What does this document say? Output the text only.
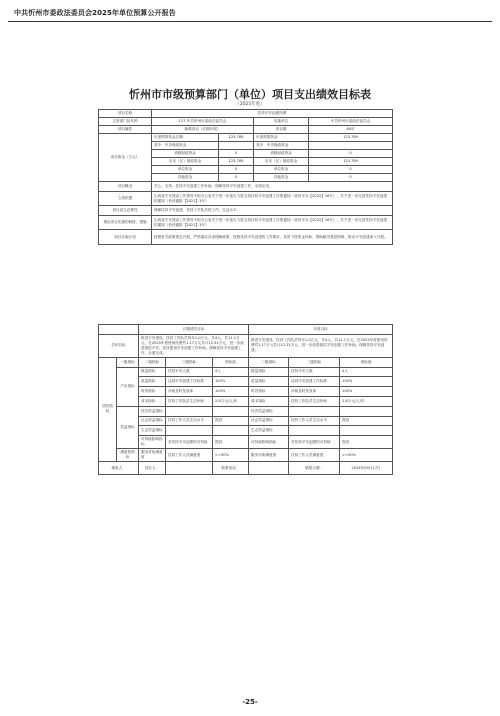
中共忻州市委政法委员会2025年单位预算公开报告
忻州市市级预算部门（单位）项目支出绩效目标表
（2025年度）
项目名称	扶持平安创建经费			
主管部门及代码	127-中共忻州市委政法委员会		实施单位	中共忻州市委政法委员会
项目属性	新增项目（长期开展）		项目期	60年
项目资金（万元）	年度预算资金总额：	123.789	年度预算资金	123.789
	其中：中央财政资金		其中：中央财政资金	
	省级财政资金	0	省级财政资金	0
	市本（区）财政资金	123.789	市本（区）财政资金	123.789
	单位资金	0	单位资金	0
	其他资金	0	其他资金	0
项目概况	关心、支持、扶持平安创建工作补助。保障扶持平安创建工作，全面完成。			
立项依据	山西省平安建设工作领导小组办公室关于进一步加大力度支持扶持平安创建工作的通知（晋综平办【2022】16号），关于进一步完善扶持平安创建的通知（忻综通报【2021】3号）			
项目设立必要性	保障扶持平安创建，扶持工作队员的工作、生活水平。			
保证项目实施的制度、措施	山西省平安建设工作领导小组办公室关于进一步加大力度支持扶持平安创建工作的通知（晋综平办【2022】16号），关于进一步完善扶持平安创建的通知（忻综通报【2021】3号）			
项目实施计划	按照有关政策规定开展，严格落实各项保障政策，按照扶持平安创建的工作要求，及时下拨资金补助，帮助解决基层困难，推动平安创建深入开展。			
		长期绩效目标			年度目标		
总体目标		推进平安建设，扶持工作队员每年1.0万元，共4人，共11.1万元，在2025年度使用经费约1.17万元共计12.31万元，进一步改善基层平安，扶持建设平安创建工作补助。保障扶持平安创建工作，全面完成。			推进平安建设，扶持工作队员每年1.0万元，共4人，共11.1万元，在2025年度使用经费约1.17万元共计12.31万元，进一步改善基层平安创建工作补助。保障扶持平安创建。		
绩效指标	一级指标	二级指标	三级指标	指标值	二级指标	三级指标	指标值
	产出指标	数量指标	扶持平安人数	4人	数量指标	扶持平安人数	4人
		质量指标	达到平安创建工作标准	100%	质量指标	达到平安创建工作标准	100%
		时效指标	补助及时发放率	100%	时效指标	补助及时发放率	100%
		成本指标	扶持工作队员生活补助	2.8万元/人/年	成本指标	扶持工作队员生活补助	2.8万元/人/年
	效益指标	经济效益指标			经济效益指标		
		社会效益指标	扶持工作人员生活水平	提高	社会效益指标	扶持工作人员生活水平	提高
		生态效益指标			生态效益指标		
		可持续影响指标	对扶持平安创建的可持续	提高	可持续影响指标	对扶持平安创建的可持续	提高
	满意度指标	服务对象满意度	扶持工作人员满意度	>=90%	服务对象满意度	扶持工作人员满意度	>=90%
填表人：		经办人：		联系电话：		填报日期：	2024年09月17日
-25-
